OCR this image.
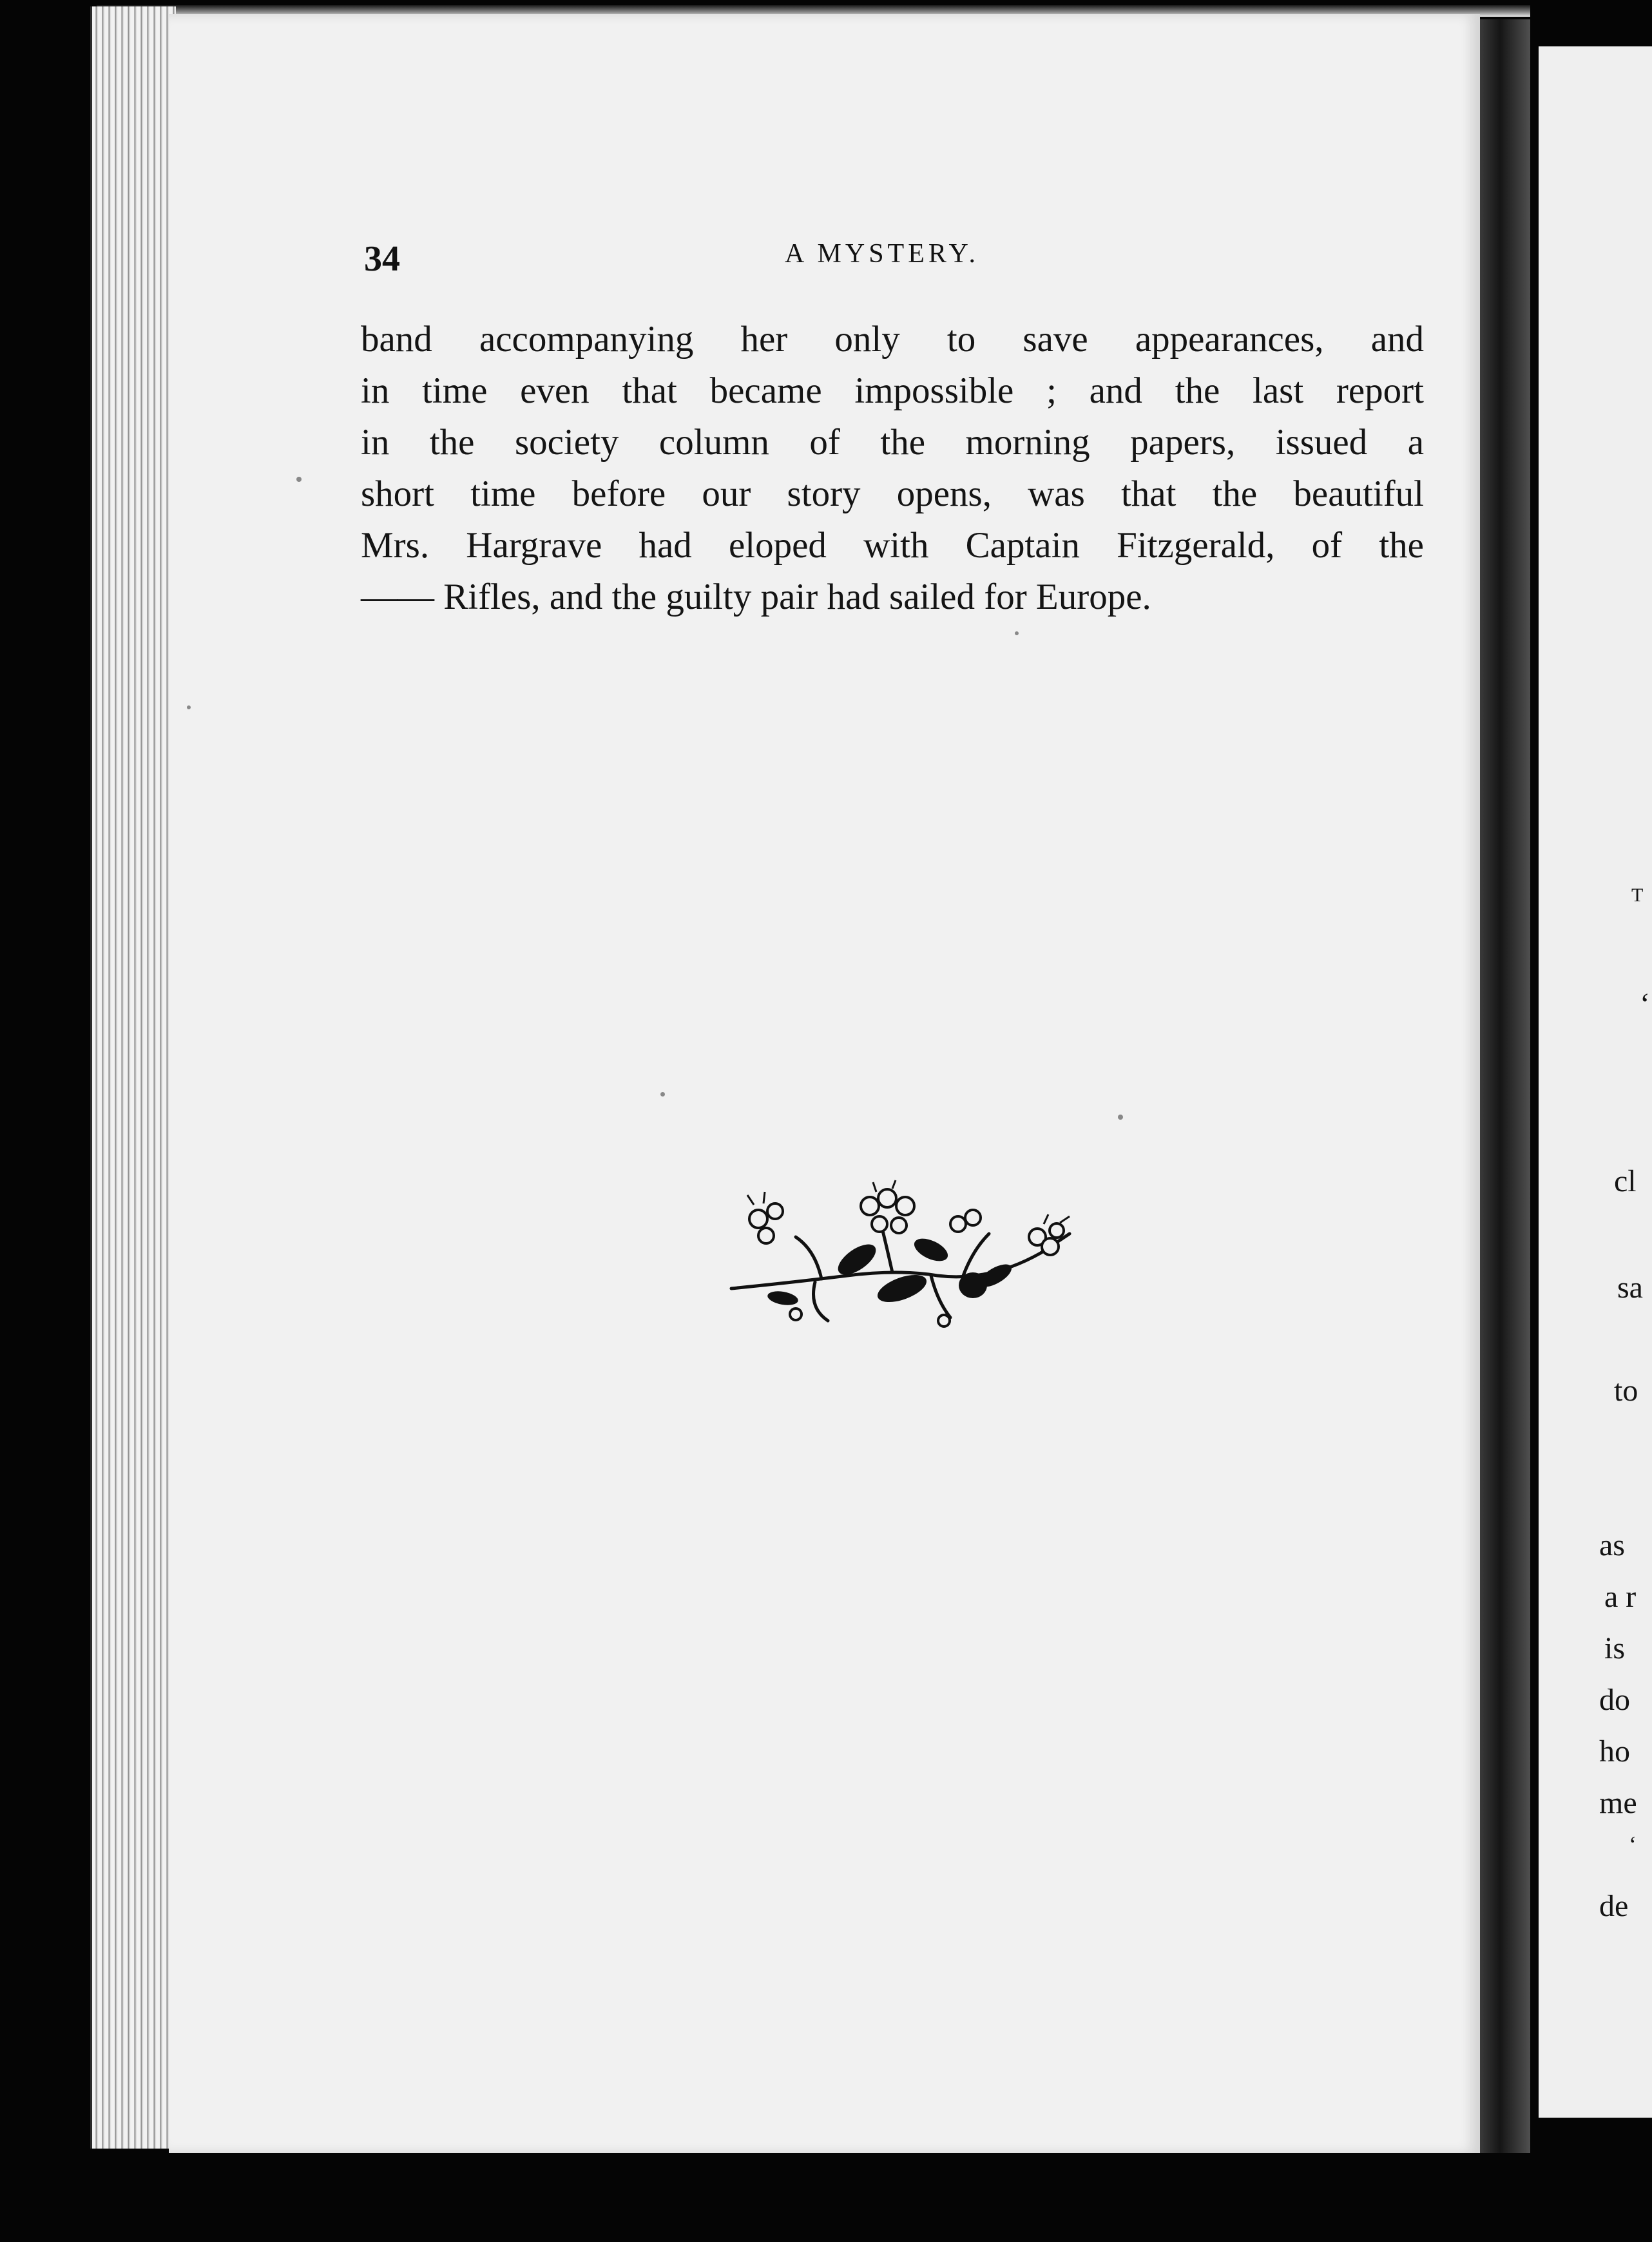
34	A MYSTERY.
band accompanying her only to save appearances, and
in time even that became impossible ; and the last report
in the society column of the morning papers, issued a
short time before our story opens, was that the beautiful
Mrs. Hargrave had eloped with Captain Fitzgerald, of the
—— Rifles, and the guilty pair had sailed for Europe.
T
‘
cl
sa
to
as
a r
is
do
ho
me
‘
de
